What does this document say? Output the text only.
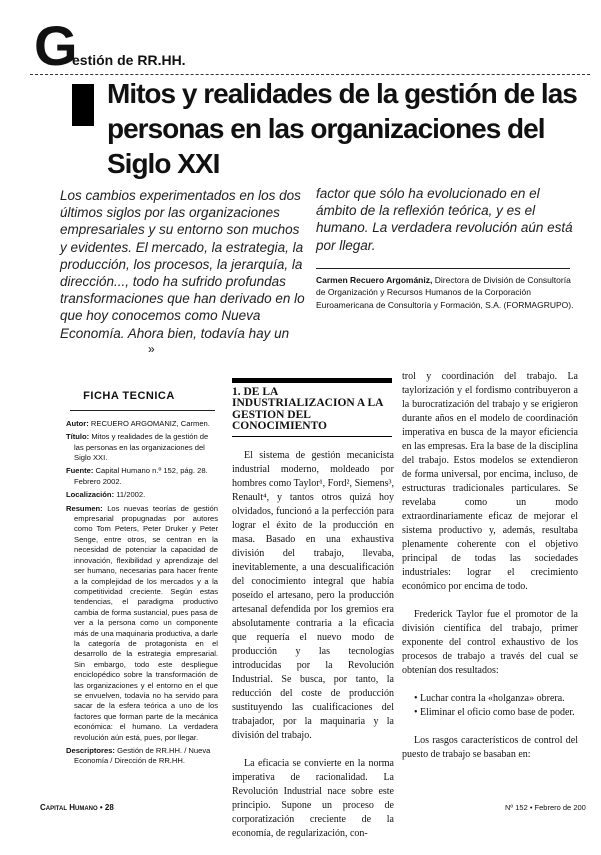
G
estión de RR.HH.
Mitos y realidades de la gestión de las personas en las organizaciones del Siglo XXI
Los cambios experimentados en los dos últimos siglos por las organizaciones empresariales y su entorno son muchos y evidentes. El mercado, la estrategia, la producción, los procesos, la jerarquía, la dirección..., todo ha sufrido profundas transformaciones que han derivado en lo que hoy conocemos como Nueva Economía. Ahora bien, todavía hay un
»
factor que sólo ha evolucionado en el ámbito de la reflexión teórica, y es el humano. La verdadera revolución aún está por llegar.
Carmen Recuero Argomániz, Directora de División de Consultoría de Organización y Recursos Humanos de la Corporación Euroamericana de Consultoría y Formación, S.A. (FORMAGRUPO).
FICHA TECNICA

Autor: RECUERO ARGOMANIZ, Carmen.

Título: Mitos y realidades de la gestión de las personas en las organizaciones del Siglo XXI.

Fuente: Capital Humano n.º 152, pág. 28. Febrero 2002.

Localización: 11/2002.

Resumen: Los nuevas teorías de gestión empresarial propugnadas por autores como Tom Peters, Peter Druker y Peter Senge, entre otros, se centran en la necesidad de potenciar la capacidad de innovación, flexibilidad y aprendizaje del ser humano, necesarias para hacer frente a la complejidad de los mercados y a la competitividad creciente. Según estas tendencias, el paradigma productivo cambia de forma sustancial, pues pasa de ver a la persona como un componente más de una maquinaria productiva, a darle la categoría de protagonista en el desarrollo de la estrategia empresarial. Sin embargo, todo este despliegue enciclopédico sobre la transformación de las organizaciones y el entorno en el que se envuelven, todavía no ha servido para sacar de la esfera teórica a uno de los factores que forman parte de la mecánica económica: el humano. La verdadera revolución aún está, pues, por llegar.

Descriptores: Gestión de RR.HH. / Nueva Economía / Dirección de RR.HH.

1. DE LA INDUSTRIALIZACION A LA GESTION DEL CONOCIMIENTO

El sistema de gestión mecanicista industrial moderno, moldeado por hombres como Taylor¹, Ford², Siemens³, Renault⁴, y tantos otros quizá hoy olvidados, funcionó a la perfección para lograr el éxito de la producción en masa. Basado en una exhaustiva división del trabajo, llevaba, inevitablemente, a una descualificación del conocimiento integral que había poseído el artesano, pero la producción artesanal defendida por los gremios era absolutamente contraria a la eficacia que requería el nuevo modo de producción y las tecnologías introducidas por la Revolución Industrial. Se busca, por tanto, la reducción del coste de producción sustituyendo las cualificaciones del trabajador, por la maquinaria y la división del trabajo.

La eficacia se convierte en la norma imperativa de racionalidad. La Revolución Industrial nace sobre este principio. Supone un proceso de corporatización creciente de la economía, de regularización, con-

trol y coordinación del trabajo. La taylorización y el fordismo contribuyeron a la burocratización del trabajo y se erigieron durante años en el modelo de coordinación imperativa en busca de la mayor eficiencia en las empresas. Era la base de la disciplina del trabajo. Estos modelos se extendieron de forma universal, por encima, incluso, de estructuras tradicionales particulares. Se revelaba como un modo extraordinariamente eficaz de mejorar el sistema productivo y, además, resultaba plenamente coherente con el objetivo principal de todas las sociedades industriales: lograr el crecimiento económico por encima de todo.

Frederick Taylor fue el promotor de la división científica del trabajo, primer exponente del control exhaustivo de los procesos de trabajo a través del cual se obtenían dos resultados:

• Luchar contra la «holganza» obrera.

• Eliminar el oficio como base de poder.

Los rasgos característicos de control del puesto de trabajo se basaban en:

Capital Humano • 28	Nº 152 • Febrero de 200
